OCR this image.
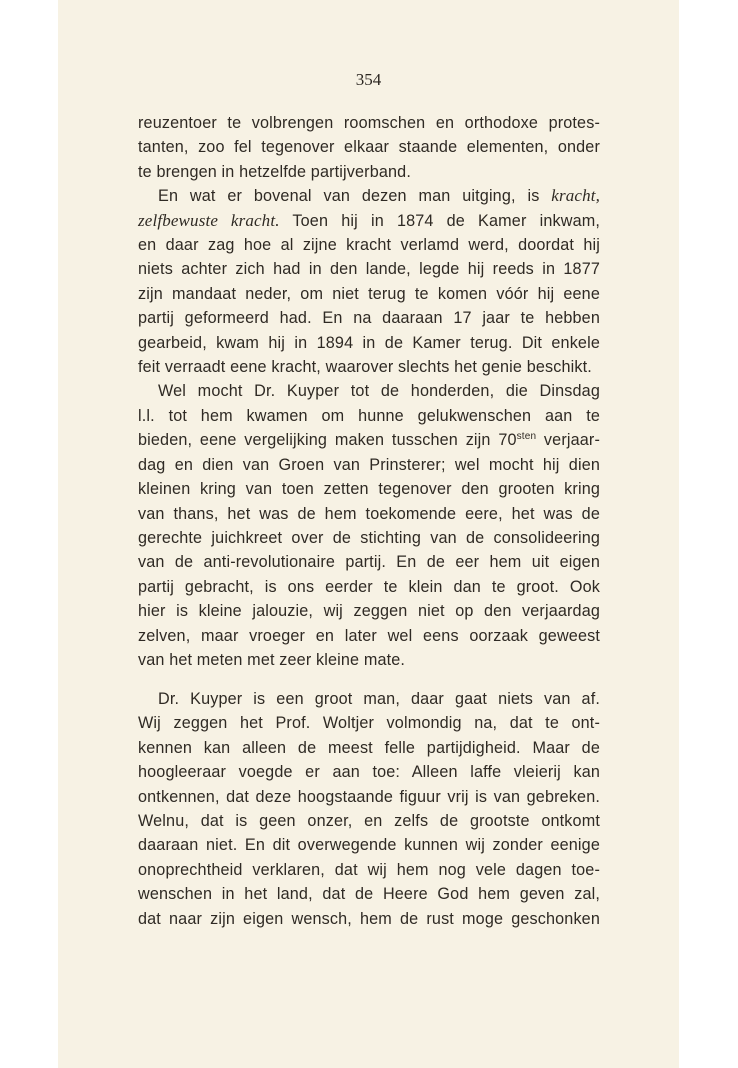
354
reuzentoer te volbrengen roomschen en orthodoxe protes-
tanten, zoo fel tegenover elkaar staande elementen, onder
te brengen in hetzelfde partijverband.
En wat er bovenal van dezen man uitging, is kracht,
zelfbewuste kracht. Toen hij in 1874 de Kamer inkwam,
en daar zag hoe al zijne kracht verlamd werd, doordat hij
niets achter zich had in den lande, legde hij reeds in 1877
zijn mandaat neder, om niet terug te komen vóór hij eene
partij geformeerd had. En na daaraan 17 jaar te hebben
gearbeid, kwam hij in 1894 in de Kamer terug. Dit enkele
feit verraadt eene kracht, waarover slechts het genie beschikt.
Wel mocht Dr. Kuyper tot de honderden, die Dinsdag
l.l. tot hem kwamen om hunne gelukwenschen aan te
bieden, eene vergelijking maken tusschen zijn $70^{sten}$ verjaar-
dag en dien van Groen van Prinsterer; wel mocht hij dien
kleinen kring van toen zetten tegenover den grooten kring
van thans, het was de hem toekomende eere, het was de
gerechte juichkreet over de stichting van de consolideering
van de anti-revolutionaire partij. En de eer hem uit eigen
partij gebracht, is ons eerder te klein dan te groot. Ook
hier is kleine jalouzie, wij zeggen niet op den verjaardag
zelven, maar vroeger en later wel eens oorzaak geweest
van het meten met zeer kleine mate.
Dr. Kuyper is een groot man, daar gaat niets van af.
Wij zeggen het Prof. Woltjer volmondig na, dat te ont-
kennen kan alleen de meest felle partijdigheid. Maar de
hoogleeraar voegde er aan toe: Alleen laffe vleierij kan
ontkennen, dat deze hoogstaande figuur vrij is van gebreken.
Welnu, dat is geen onzer, en zelfs de grootste ontkomt
daaraan niet. En dit overwegende kunnen wij zonder eenige
onoprechtheid verklaren, dat wij hem nog vele dagen toe-
wenschen in het land, dat de Heere God hem geven zal,
dat naar zijn eigen wensch, hem de rust moge geschonken
